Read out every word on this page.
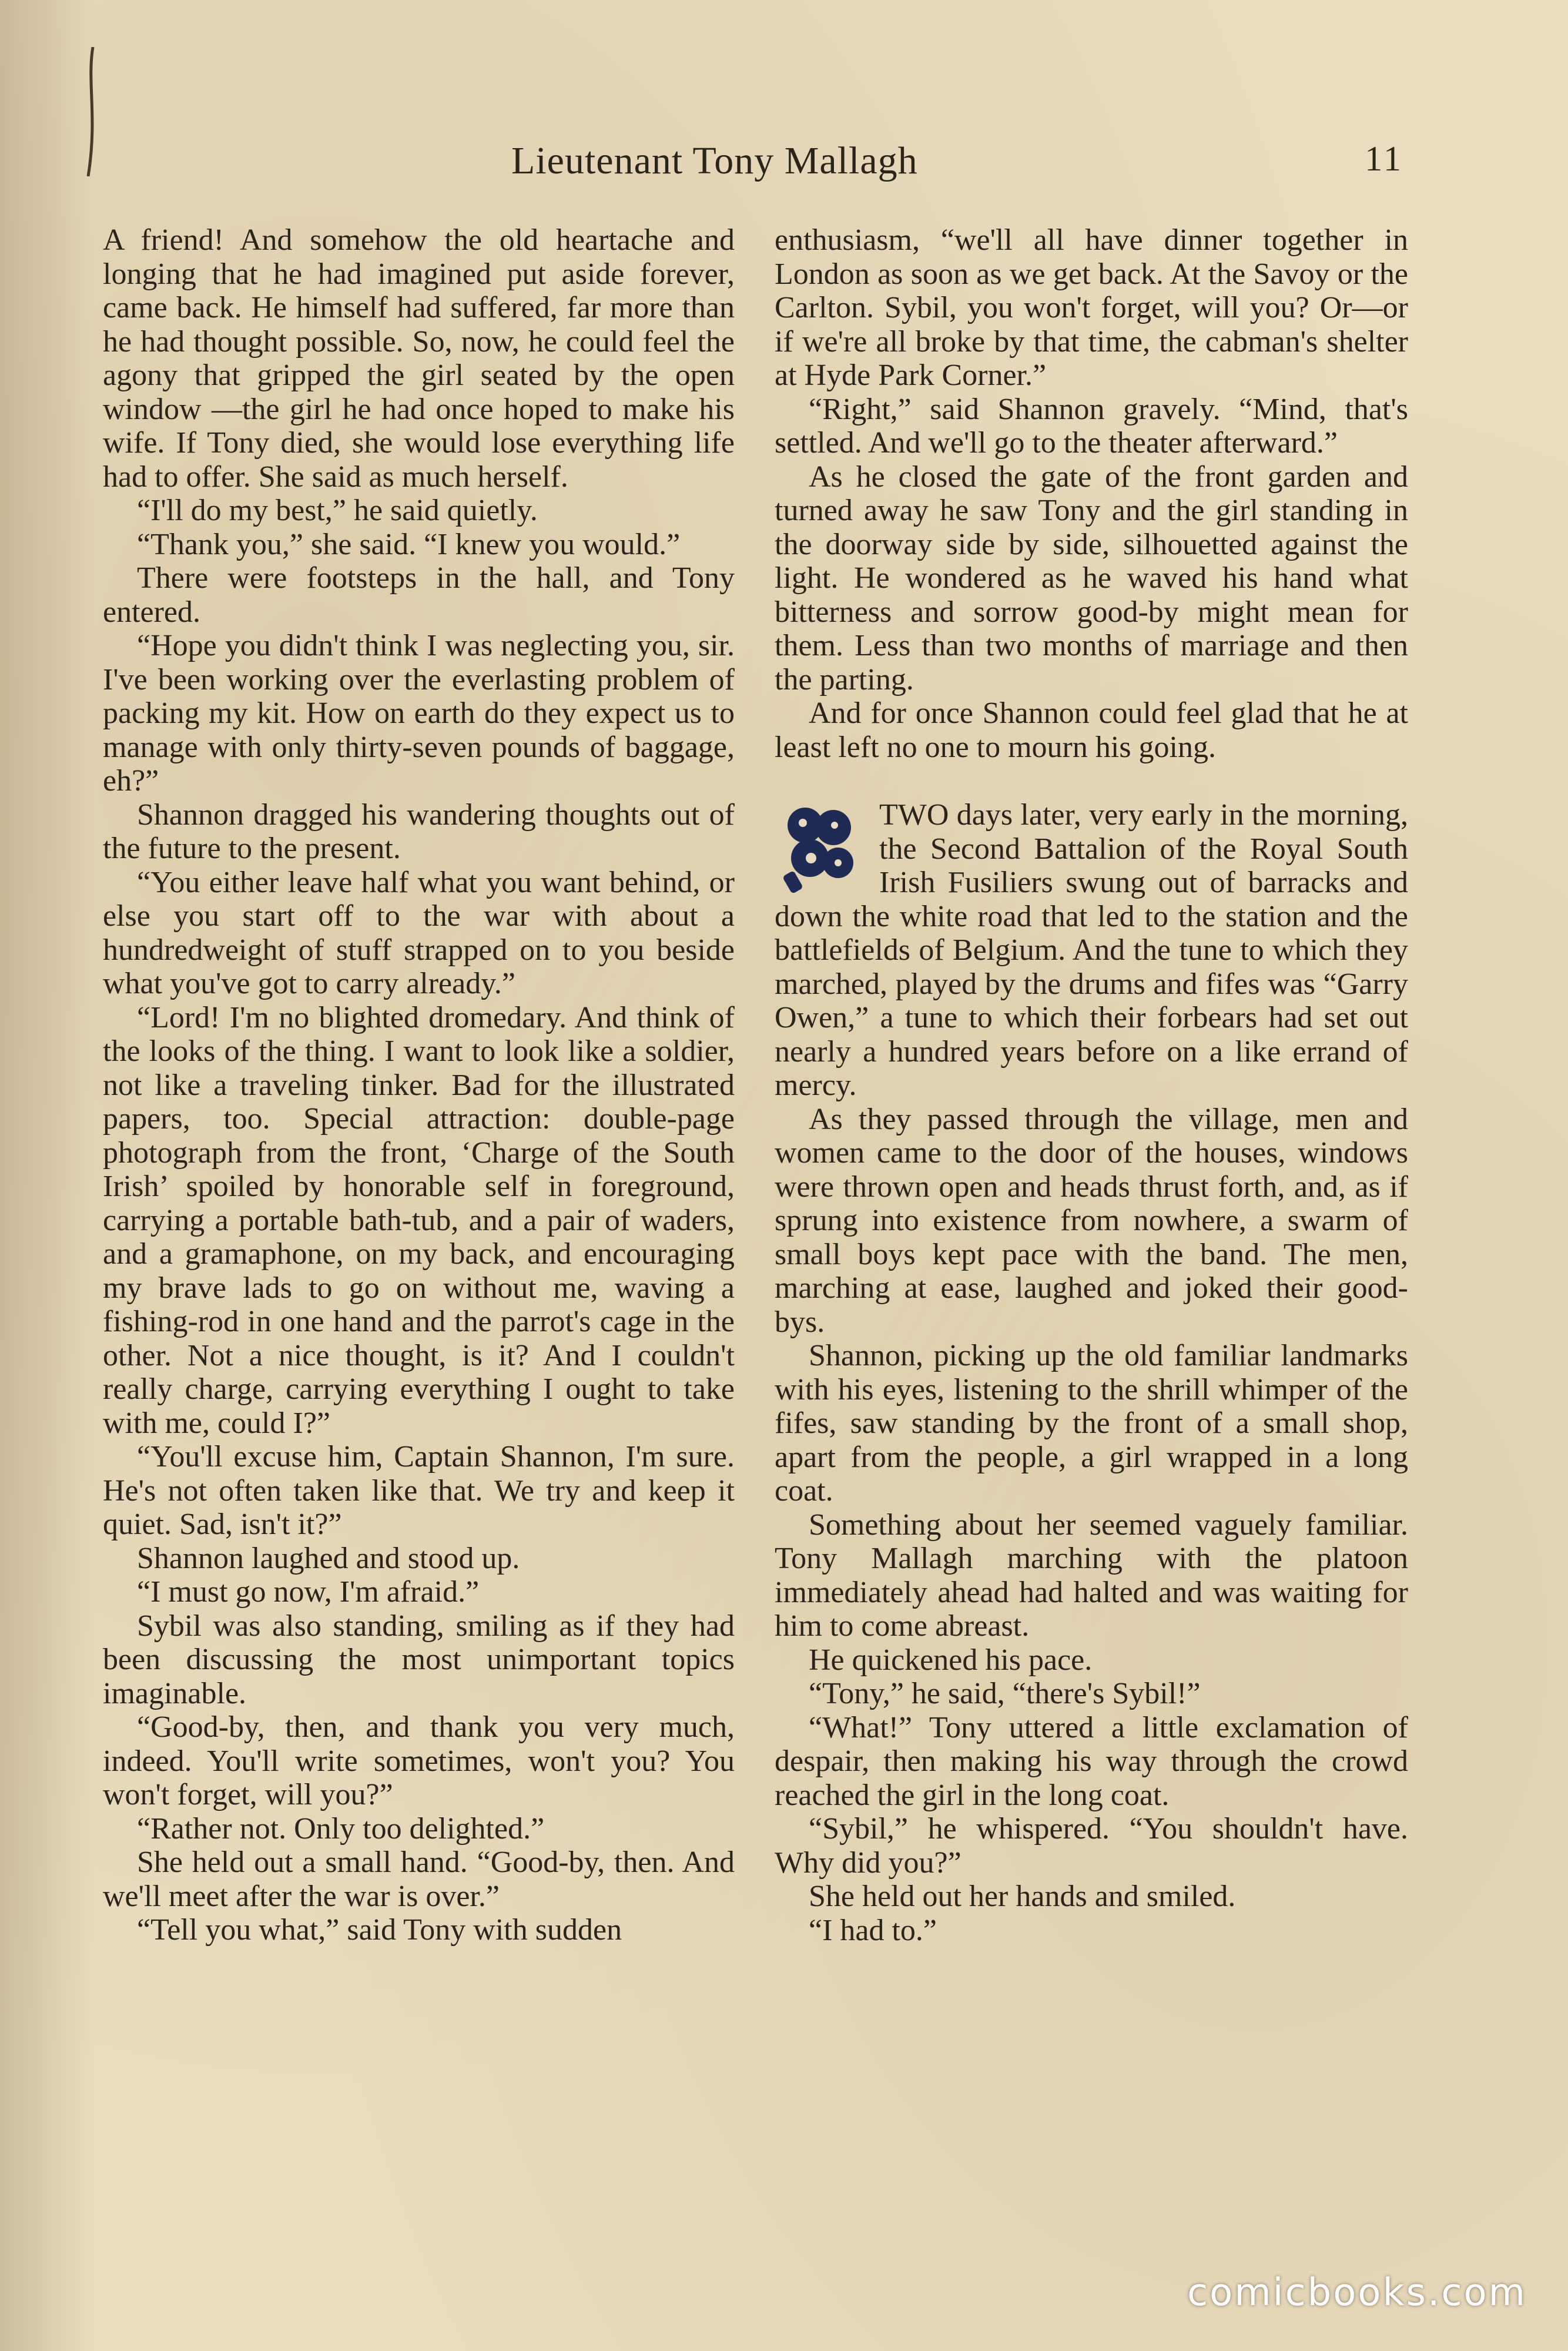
Lieutenant Tony Mallagh	11

A friend! And somehow the old heartache and longing that he had imagined put aside forever, came back. He himself had suffered, far more than he had thought possible. So, now, he could feel the agony that gripped the girl seated by the open window —the girl he had once hoped to make his wife. If Tony died, she would lose everything life had to offer. She said as much herself.

“I'll do my best,” he said quietly.

“Thank you,” she said. “I knew you would.”

There were footsteps in the hall, and Tony entered.

“Hope you didn't think I was neglecting you, sir. I've been working over the everlasting problem of packing my kit. How on earth do they expect us to manage with only thirty-seven pounds of baggage, eh?”

Shannon dragged his wandering thoughts out of the future to the present.

“You either leave half what you want behind, or else you start off to the war with about a hundredweight of stuff strapped on to you beside what you've got to carry already.”

“Lord! I'm no blighted dromedary. And think of the looks of the thing. I want to look like a soldier, not like a traveling tinker. Bad for the illustrated papers, too. Special attraction: double-page photograph from the front, ‘Charge of the South Irish’ spoiled by honorable self in foreground, carrying a portable bath-tub, and a pair of waders, and a gramaphone, on my back, and encouraging my brave lads to go on without me, waving a fishing-rod in one hand and the parrot's cage in the other. Not a nice thought, is it? And I couldn't really charge, carrying everything I ought to take with me, could I?”

“You'll excuse him, Captain Shannon, I'm sure. He's not often taken like that. We try and keep it quiet. Sad, isn't it?”

Shannon laughed and stood up.

“I must go now, I'm afraid.”

Sybil was also standing, smiling as if they had been discussing the most unimportant topics imaginable.

“Good-by, then, and thank you very much, indeed. You'll write sometimes, won't you? You won't forget, will you?”

“Rather not. Only too delighted.”

She held out a small hand. “Good-by, then. And we'll meet after the war is over.”

“Tell you what,” said Tony with sudden

enthusiasm, “we'll all have dinner together in London as soon as we get back. At the Savoy or the Carlton. Sybil, you won't forget, will you? Or—or if we're all broke by that time, the cabman's shelter at Hyde Park Corner.”

“Right,” said Shannon gravely. “Mind, that's settled. And we'll go to the theater afterward.”

As he closed the gate of the front garden and turned away he saw Tony and the girl standing in the doorway side by side, silhouetted against the light. He wondered as he waved his hand what bitterness and sorrow good-by might mean for them. Less than two months of marriage and then the parting.

And for once Shannon could feel glad that he at least left no one to mourn his going.

TWO days later, very early in the morning, the Second Battalion of the Royal South Irish Fusiliers swung out of barracks and down the white road that led to the station and the battlefields of Belgium. And the tune to which they marched, played by the drums and fifes was “Garry Owen,” a tune to which their forbears had set out nearly a hundred years before on a like errand of mercy.

As they passed through the village, men and women came to the door of the houses, windows were thrown open and heads thrust forth, and, as if sprung into existence from nowhere, a swarm of small boys kept pace with the band. The men, marching at ease, laughed and joked their good-bys.

Shannon, picking up the old familiar landmarks with his eyes, listening to the shrill whimper of the fifes, saw standing by the front of a small shop, apart from the people, a girl wrapped in a long coat.

Something about her seemed vaguely familiar. Tony Mallagh marching with the platoon immediately ahead had halted and was waiting for him to come abreast.

He quickened his pace.

“Tony,” he said, “there's Sybil!”

“What!” Tony uttered a little exclamation of despair, then making his way through the crowd reached the girl in the long coat.

“Sybil,” he whispered. “You shouldn't have. Why did you?”

She held out her hands and smiled.

“I had to.”

comicbooks.com
